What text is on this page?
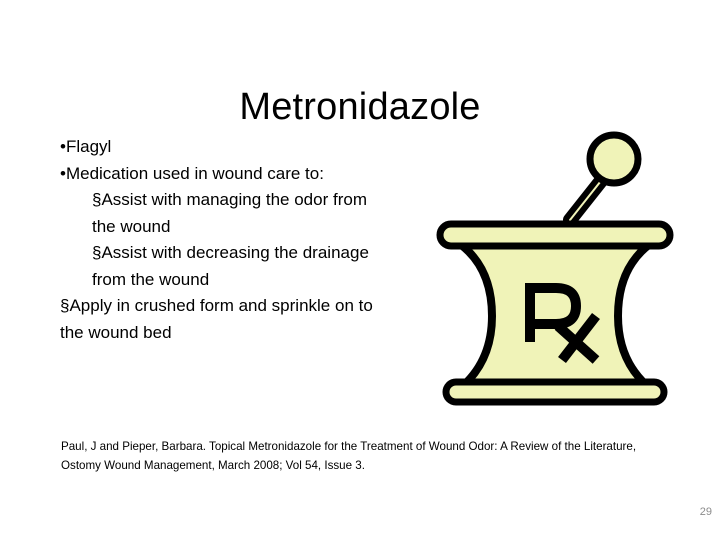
Metronidazole
•Flagyl
•Medication used in wound care to:
§Assist with managing the odor from the wound
§Assist with decreasing the drainage from the wound
§Apply in crushed form and sprinkle on to the wound bed
Paul, J and Pieper, Barbara. Topical Metronidazole for the Treatment of Wound Odor: A Review of the Literature, Ostomy Wound Management, March 2008; Vol 54, Issue 3.
29
